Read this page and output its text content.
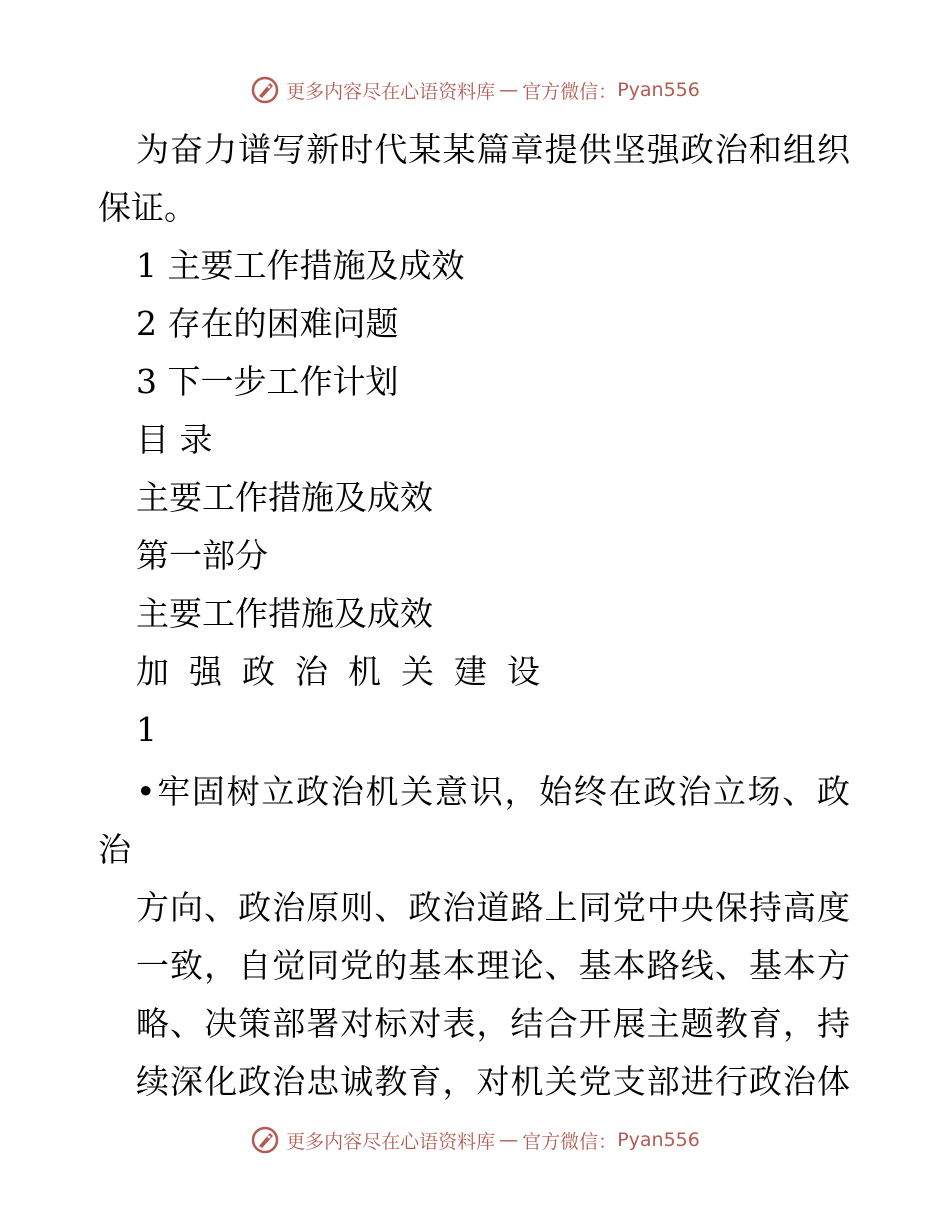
更多内容尽在心语资料库 — 官方微信： Pyan556
为奋力谱写新时代某某篇章提供坚强政治和组织
保证。
1 主要工作措施及成效
2 存在的困难问题
3 下一步工作计划
目 录
主要工作措施及成效
第一部分
主要工作措施及成效
加强政治机关建设
1
•牢固树立政治机关意识，始终在政治立场、政
治
方向、政治原则、政治道路上同党中央保持高度
一致，自觉同党的基本理论、基本路线、基本方
略、决策部署对标对表，结合开展主题教育，持
续深化政治忠诚教育，对机关党支部进行政治体
更多内容尽在心语资料库 — 官方微信： Pyan556
